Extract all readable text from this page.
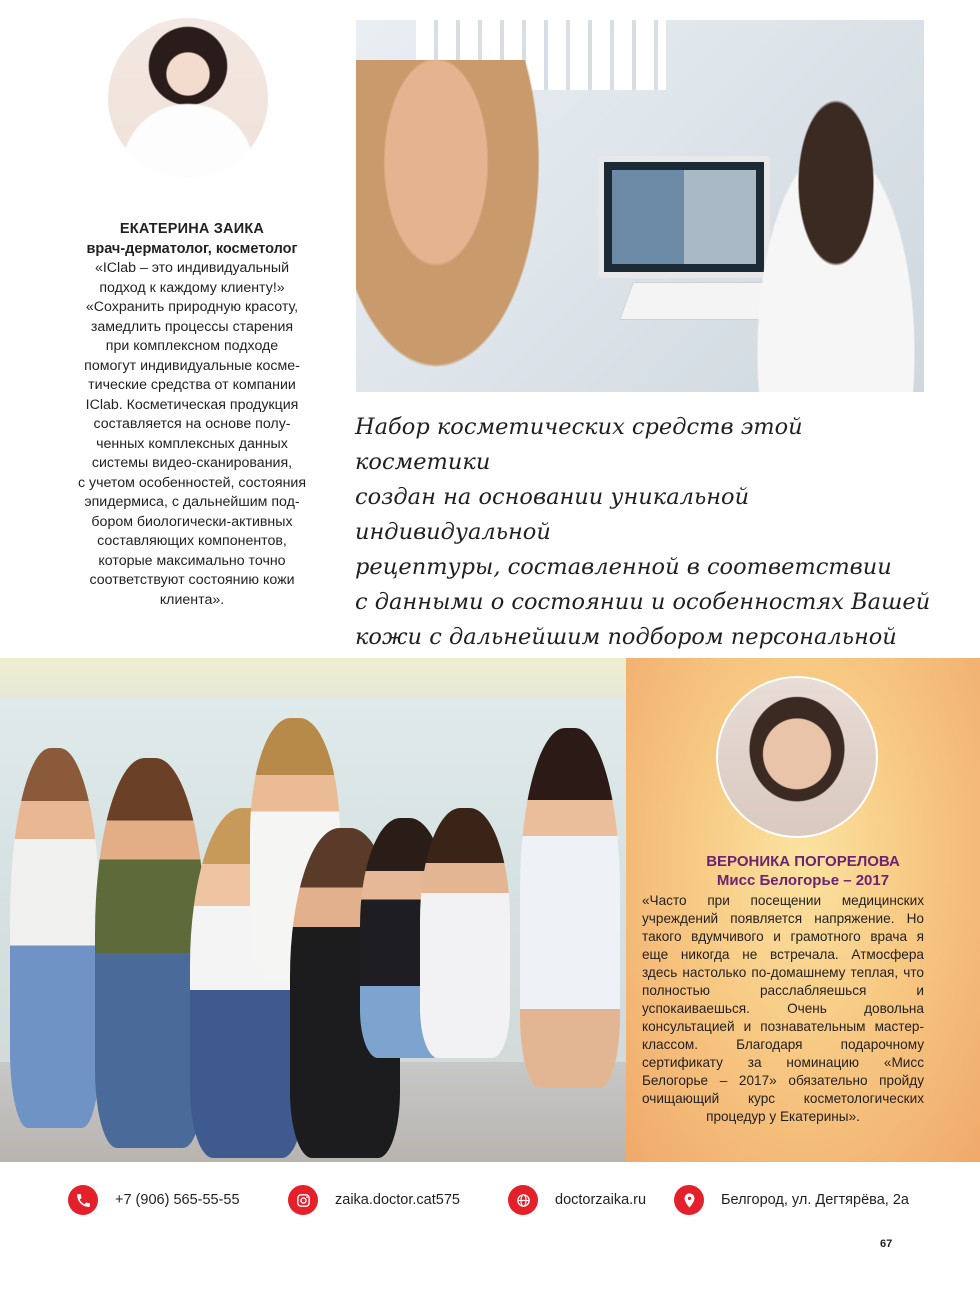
ЕКАТЕРИНА ЗАИКА
врач-дерматолог, косметолог
«IClab – это индивидуальный
подход к каждому клиенту!»
«Сохранить природную красоту,
замедлить процессы старения
при комплексном подходе
помогут индивидуальные косме-
тические средства от компании
IClab. Косметическая продукция
составляется на основе полу-
ченных комплексных данных
системы видео-сканирования,
с учетом особенностей, состояния
эпидермиса, с дальнейшим под-
бором биологически-активных
составляющих компонентов,
которые максимально точно
соответствуют состоянию кожи
клиента».
Набор косметических средств этой косметики
создан на основании уникальной индивидуальной
рецептуры, составленной в соответствии
с данными о состоянии и особенностях Вашей
кожи с дальнейшим подбором персональной
ВЕРОНИКА ПОГОРЕЛОВА
Мисс Белогорье – 2017
«Часто при посещении медицинских учреждений появляется напряжение. Но такого вдумчивого и грамотного врача я еще никогда не встречала. Атмосфера здесь настолько по-домашнему теплая, что полностью расслабляешься и успокаиваешься. Очень довольна консультацией и познавательным мастер-классом. Благодаря подарочному сертификату за номинацию «Мисс Белогорье – 2017» обязательно пройду очищающий курс косметологических процедур у Екатерины».
+7 (906) 565-55-55	zaika.doctor.cat575	doctorzaika.ru	Белгород, ул. Дегтярёва, 2а
67
